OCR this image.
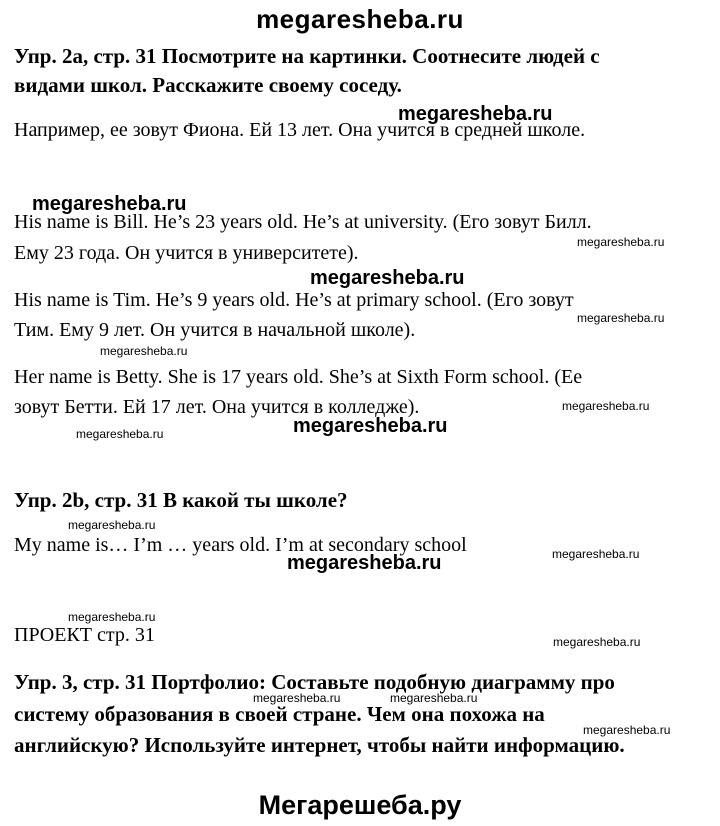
megaresheba.ru
Мегарешеба.ру
Упр. 2а, стр. 31 Посмотрите на картинки. Соотнесите людей с
видами школ. Расскажите своему соседу.
Например, ее зовут Фиона. Ей 13 лет. Она учится в средней школе.
His name is Bill. He’s 23 years old. He’s at university. (Его зовут Билл.
Ему 23 года. Он учится в университете).
His name is Tim. He’s 9 years old. He’s at primary school. (Его зовут
Тим. Ему 9 лет. Он учится в начальной школе).
Her name is Betty. She is 17 years old. She’s at Sixth Form school. (Ее
зовут Бетти. Ей 17 лет. Она учится в колледже).
Упр. 2b, стр. 31 В какой ты школе?
My name is… I’m … years old. I’m at secondary school
ПРОЕКТ стр. 31
Упр. 3, стр. 31 Портфолио: Составьте подобную диаграмму про
систему образования в своей стране. Чем она похожа на
английскую? Используйте интернет, чтобы найти информацию.
megaresheba.ru
megaresheba.ru
megaresheba.ru
megaresheba.ru
megaresheba.ru
megaresheba.ru
megaresheba.ru
megaresheba.ru
megaresheba.ru
megaresheba.ru
megaresheba.ru
megaresheba.ru
megaresheba.ru
megaresheba.ru
megaresheba.ru	megaresheba.ru
megaresheba.ru
